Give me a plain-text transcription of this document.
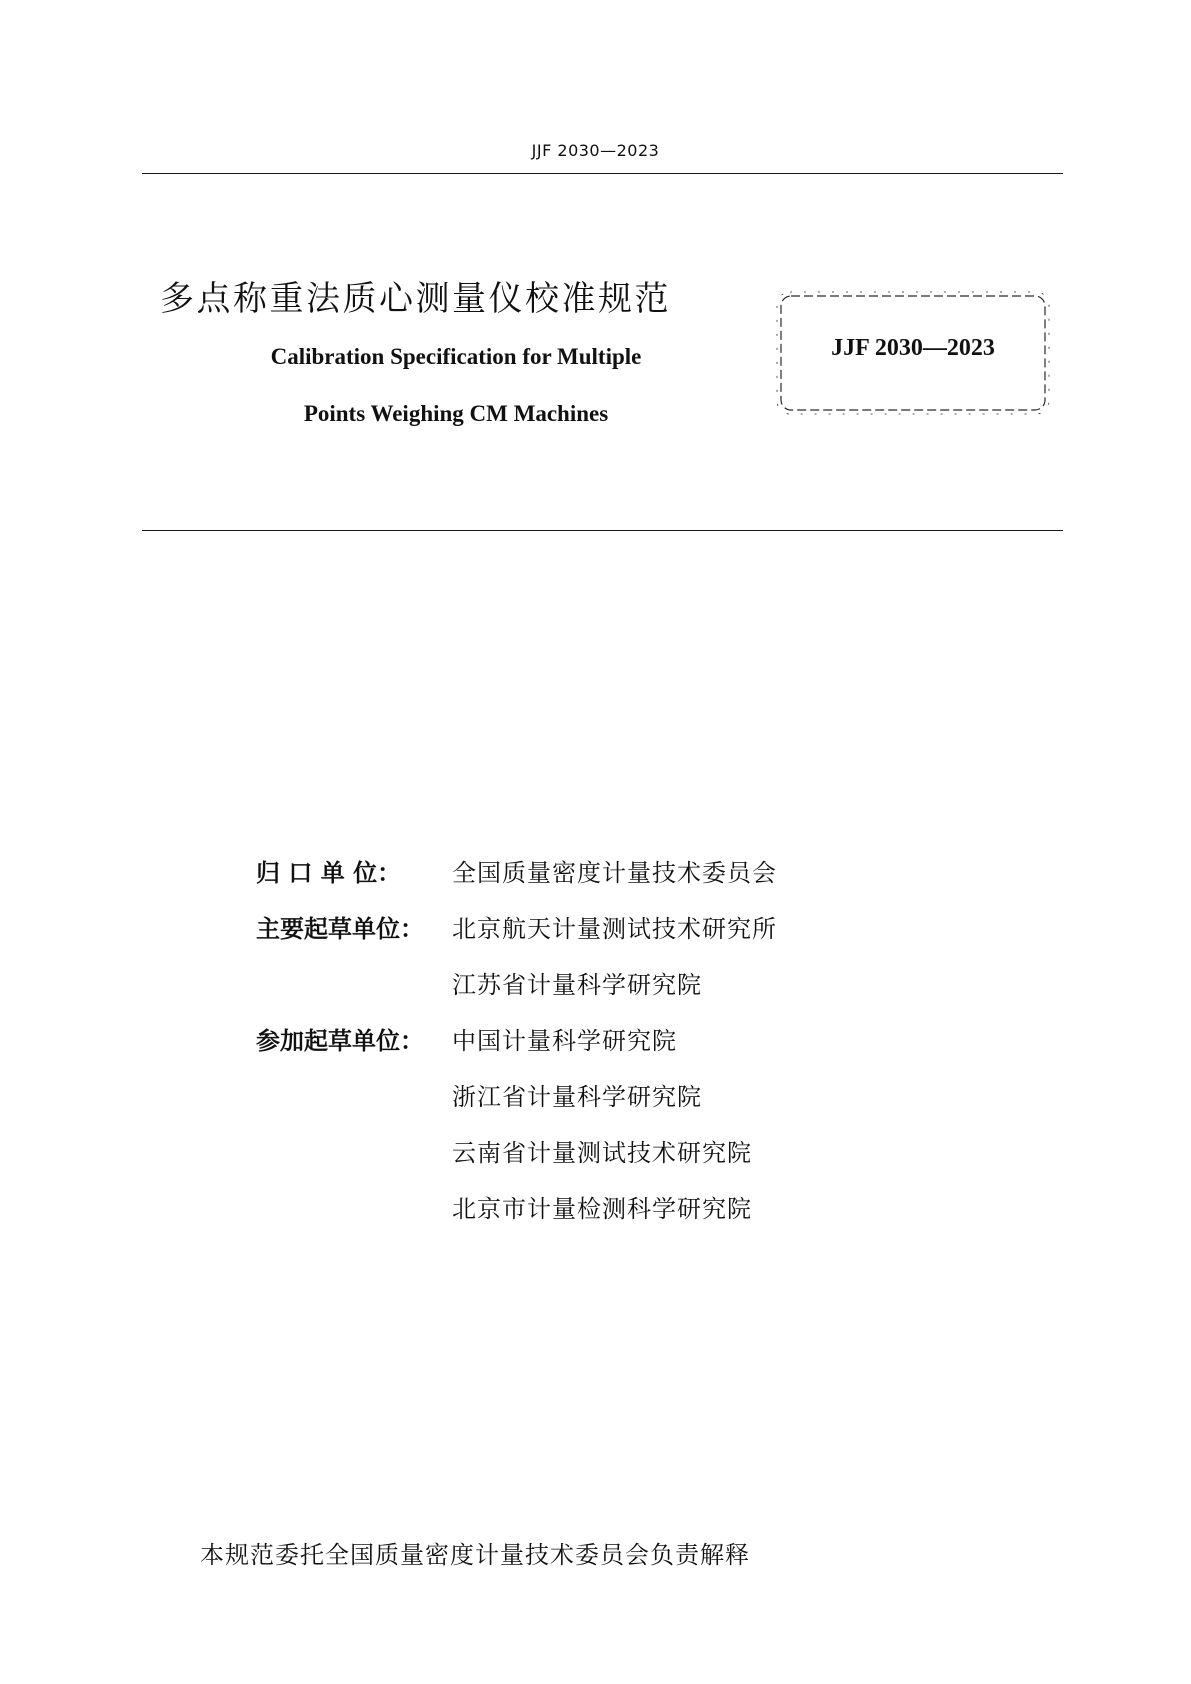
JJF 2030—2023
多点称重法质心测量仪校准规范
Calibration Specification for Multiple
Points Weighing CM Machines
JJF 2030—2023
归 口 单 位： 全国质量密度计量技术委员会
主要起草单位： 北京航天计量测试技术研究所
江苏省计量科学研究院
参加起草单位： 中国计量科学研究院
浙江省计量科学研究院
云南省计量测试技术研究院
北京市计量检测科学研究院
本规范委托全国质量密度计量技术委员会负责解释
